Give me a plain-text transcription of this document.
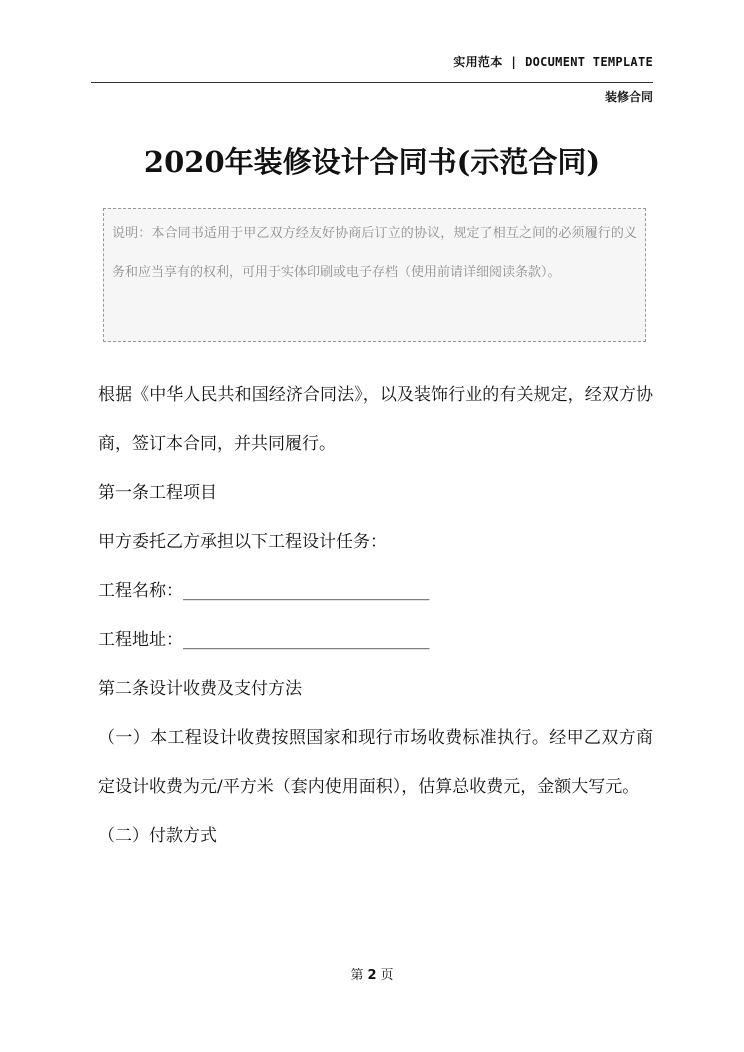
实用范本 | DOCUMENT TEMPLATE
装修合同
2020年装修设计合同书(示范合同)
说明：本合同书适用于甲乙双方经友好协商后订立的协议，规定了相互之间的必须履行的义务和应当享有的权利，可用于实体印刷或电子存档（使用前请详细阅读条款）。

根据《中华人民共和国经济合同法》，以及装饰行业的有关规定，经双方协商，签订本合同，并共同履行。

第一条工程项目

甲方委托乙方承担以下工程设计任务：

工程名称：_____________________________

工程地址：_____________________________

第二条设计收费及支付方法

（一）本工程设计收费按照国家和现行市场收费标准执行。经甲乙双方商定设计收费为元/平方米（套内使用面积），估算总收费元，金额大写元。

（二）付款方式

第 2 页
